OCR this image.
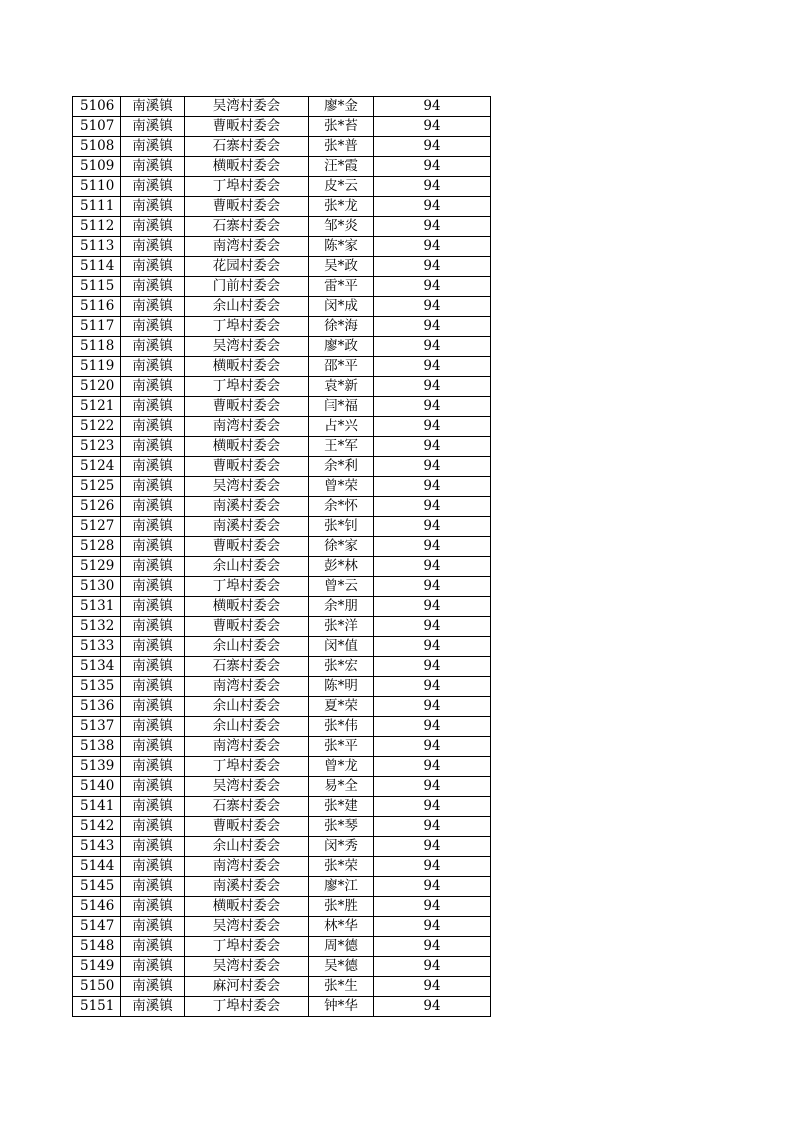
5106	南溪镇	吴湾村委会	廖*金	94
5107	南溪镇	曹畈村委会	张*苔	94
5108	南溪镇	石寨村委会	张*普	94
5109	南溪镇	横畈村委会	汪*霞	94
5110	南溪镇	丁埠村委会	皮*云	94
5111	南溪镇	曹畈村委会	张*龙	94
5112	南溪镇	石寨村委会	邹*炎	94
5113	南溪镇	南湾村委会	陈*家	94
5114	南溪镇	花园村委会	吴*政	94
5115	南溪镇	门前村委会	雷*平	94
5116	南溪镇	余山村委会	闵*成	94
5117	南溪镇	丁埠村委会	徐*海	94
5118	南溪镇	吴湾村委会	廖*政	94
5119	南溪镇	横畈村委会	邵*平	94
5120	南溪镇	丁埠村委会	袁*新	94
5121	南溪镇	曹畈村委会	闫*福	94
5122	南溪镇	南湾村委会	占*兴	94
5123	南溪镇	横畈村委会	王*军	94
5124	南溪镇	曹畈村委会	余*利	94
5125	南溪镇	吴湾村委会	曾*荣	94
5126	南溪镇	南溪村委会	余*怀	94
5127	南溪镇	南溪村委会	张*钊	94
5128	南溪镇	曹畈村委会	徐*家	94
5129	南溪镇	余山村委会	彭*林	94
5130	南溪镇	丁埠村委会	曾*云	94
5131	南溪镇	横畈村委会	余*朋	94
5132	南溪镇	曹畈村委会	张*洋	94
5133	南溪镇	余山村委会	闵*值	94
5134	南溪镇	石寨村委会	张*宏	94
5135	南溪镇	南湾村委会	陈*明	94
5136	南溪镇	余山村委会	夏*荣	94
5137	南溪镇	余山村委会	张*伟	94
5138	南溪镇	南湾村委会	张*平	94
5139	南溪镇	丁埠村委会	曾*龙	94
5140	南溪镇	吴湾村委会	易*全	94
5141	南溪镇	石寨村委会	张*建	94
5142	南溪镇	曹畈村委会	张*琴	94
5143	南溪镇	余山村委会	闵*秀	94
5144	南溪镇	南湾村委会	张*荣	94
5145	南溪镇	南溪村委会	廖*江	94
5146	南溪镇	横畈村委会	张*胜	94
5147	南溪镇	吴湾村委会	林*华	94
5148	南溪镇	丁埠村委会	周*德	94
5149	南溪镇	吴湾村委会	吴*德	94
5150	南溪镇	麻河村委会	张*生	94
5151	南溪镇	丁埠村委会	钟*华	94
